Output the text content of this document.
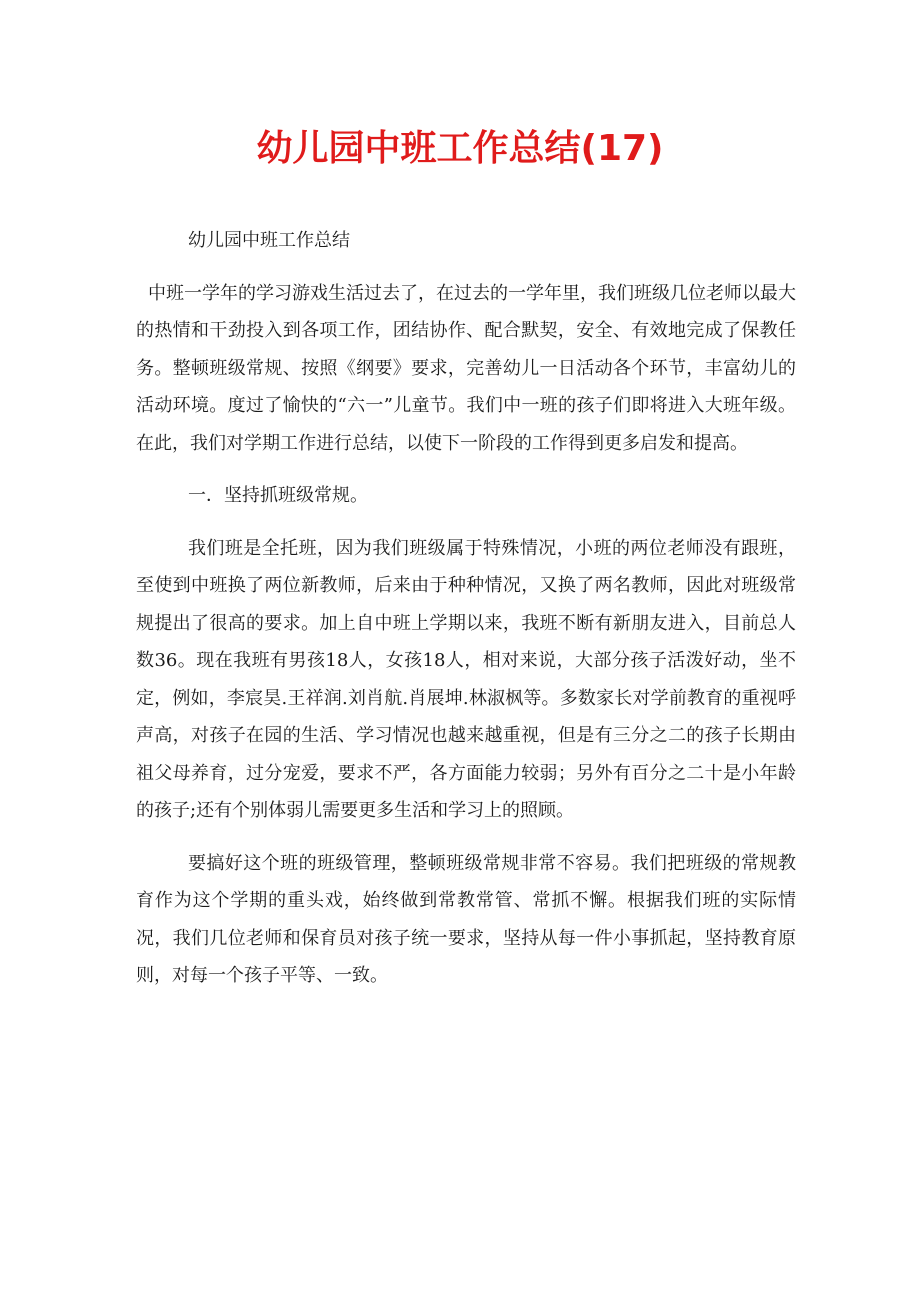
幼儿园中班工作总结(17)

幼儿园中班工作总结

中班一学年的学习游戏生活过去了，在过去的一学年里，我们班级几位老师以最大的热情和干劲投入到各项工作，团结协作、配合默契，安全、有效地完成了保教任务。整顿班级常规、按照《纲要》要求，完善幼儿一日活动各个环节，丰富幼儿的活动环境。度过了愉快的“六一”儿童节。我们中一班的孩子们即将进入大班年级。在此，我们对学期工作进行总结，以使下一阶段的工作得到更多启发和提高。

一．坚持抓班级常规。

我们班是全托班，因为我们班级属于特殊情况，小班的两位老师没有跟班，至使到中班换了两位新教师，后来由于种种情况，又换了两名教师，因此对班级常规提出了很高的要求。加上自中班上学期以来，我班不断有新朋友进入，目前总人数36。现在我班有男孩18人，女孩18人，相对来说，大部分孩子活泼好动，坐不定，例如，李宸昊.王祥润.刘肖航.肖展坤.林淑枫等。多数家长对学前教育的重视呼声高，对孩子在园的生活、学习情况也越来越重视，但是有三分之二的孩子长期由祖父母养育，过分宠爱，要求不严，各方面能力较弱；另外有百分之二十是小年龄的孩子;还有个别体弱儿需要更多生活和学习上的照顾。

要搞好这个班的班级管理，整顿班级常规非常不容易。我们把班级的常规教育作为这个学期的重头戏，始终做到常教常管、常抓不懈。根据我们班的实际情况，我们几位老师和保育员对孩子统一要求，坚持从每一件小事抓起，坚持教育原则，对每一个孩子平等、一致。
